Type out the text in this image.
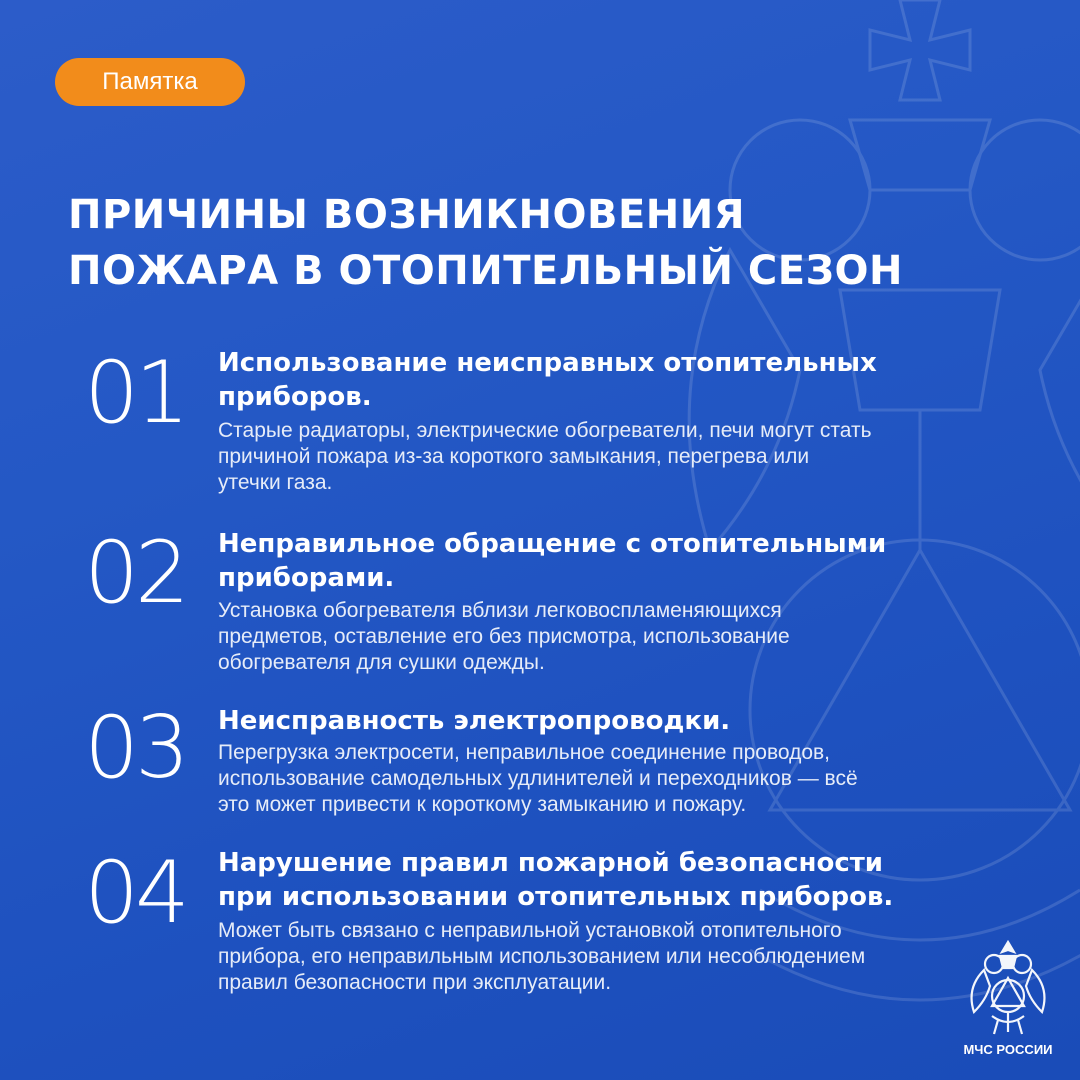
Памятка
ПРИЧИНЫ ВОЗНИКНОВЕНИЯ
ПОЖАРА В ОТОПИТЕЛЬНЫЙ СЕЗОН
01	Использование неисправных отопительных
приборов.
Старые радиаторы, электрические обогреватели, печи могут стать
причиной пожара из-за короткого замыкания, перегрева или
утечки газа.
02	Неправильное обращение с отопительными
приборами.
Установка обогревателя вблизи легковоспламеняющихся
предметов, оставление его без присмотра, использование
обогревателя для сушки одежды.
03	Неисправность электропроводки.
Перегрузка электросети, неправильное соединение проводов,
использование самодельных удлинителей и переходников — всё
это может привести к короткому замыканию и пожару.
04	Нарушение правил пожарной безопасности
при использовании отопительных приборов.
Может быть связано с неправильной установкой отопительного
прибора, его неправильным использованием или несоблюдением
правил безопасности при эксплуатации.
МЧС РОССИИ
